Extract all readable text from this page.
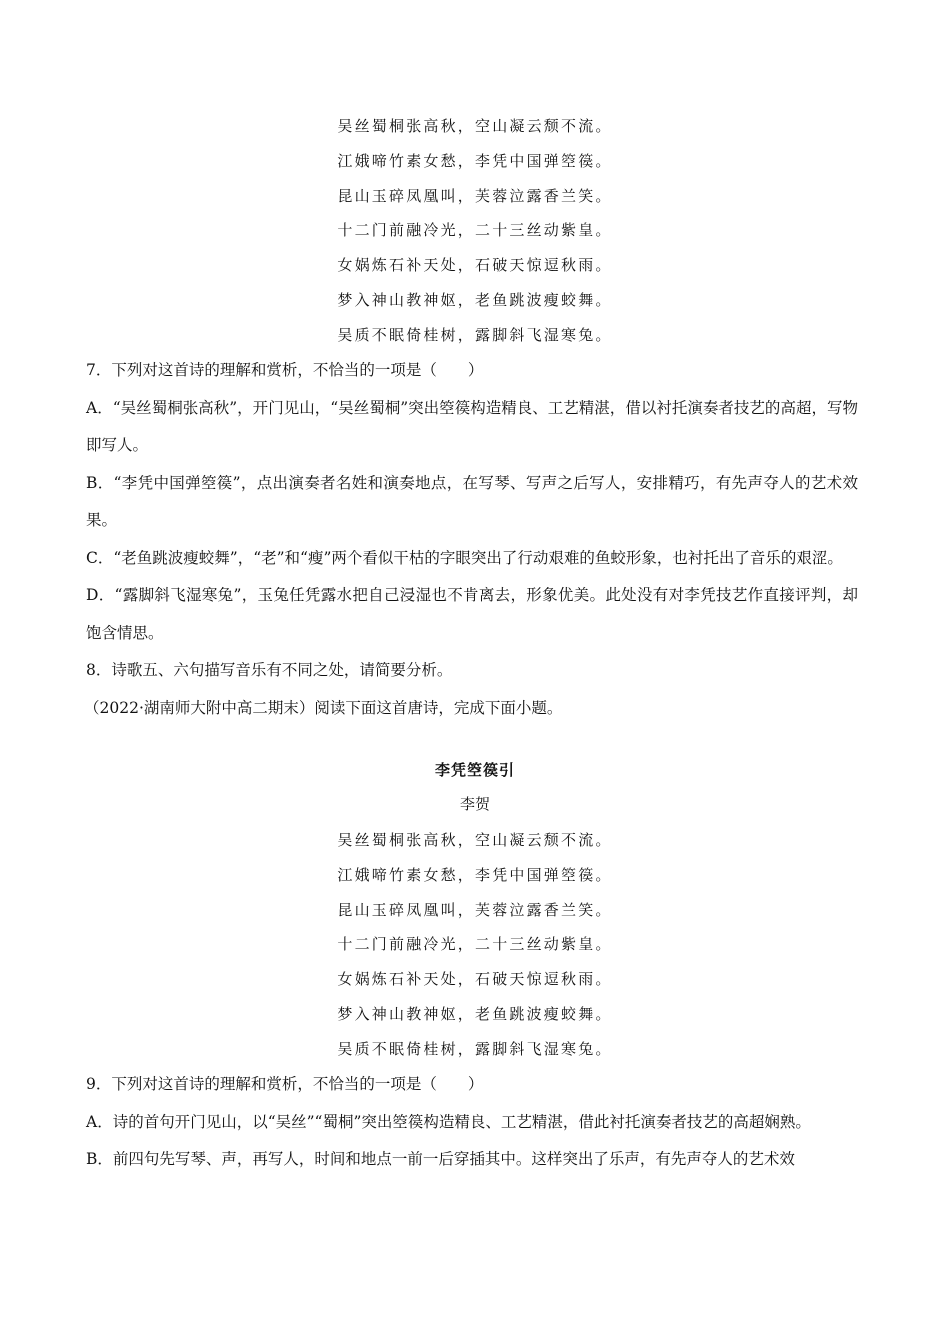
吴丝蜀桐张高秋，空山凝云颓不流。
江娥啼竹素女愁，李凭中国弹箜篌。
昆山玉碎凤凰叫，芙蓉泣露香兰笑。
十二门前融冷光，二十三丝动紫皇。
女娲炼石补天处，石破天惊逗秋雨。
梦入神山教神妪，老鱼跳波瘦蛟舞。
吴质不眠倚桂树，露脚斜飞湿寒兔。

7．下列对这首诗的理解和赏析，不恰当的一项是（　　）

A．“吴丝蜀桐张高秋”，开门见山，“吴丝蜀桐”突出箜篌构造精良、工艺精湛，借以衬托演奏者技艺的高超，写物即写人。

B．“李凭中国弹箜篌”，点出演奏者名姓和演奏地点，在写琴、写声之后写人，安排精巧，有先声夺人的艺术效果。

C．“老鱼跳波瘦蛟舞”，“老”和“瘦”两个看似干枯的字眼突出了行动艰难的鱼蛟形象，也衬托出了音乐的艰涩。

D．“露脚斜飞湿寒兔”，玉兔任凭露水把自己浸湿也不肯离去，形象优美。此处没有对李凭技艺作直接评判，却饱含情思。

8．诗歌五、六句描写音乐有不同之处，请简要分析。

（2022·湖南师大附中高二期末）阅读下面这首唐诗，完成下面小题。

李凭箜篌引
李贺
吴丝蜀桐张高秋，空山凝云颓不流。
江娥啼竹素女愁，李凭中国弹箜篌。
昆山玉碎凤凰叫，芙蓉泣露香兰笑。
十二门前融冷光，二十三丝动紫皇。
女娲炼石补天处，石破天惊逗秋雨。
梦入神山教神妪，老鱼跳波瘦蛟舞。
吴质不眠倚桂树，露脚斜飞湿寒兔。

9．下列对这首诗的理解和赏析，不恰当的一项是（　　）

A．诗的首句开门见山，以“吴丝”“蜀桐”突出箜篌构造精良、工艺精湛，借此衬托演奏者技艺的高超娴熟。

B．前四句先写琴、声，再写人，时间和地点一前一后穿插其中。这样突出了乐声，有先声夺人的艺术效
